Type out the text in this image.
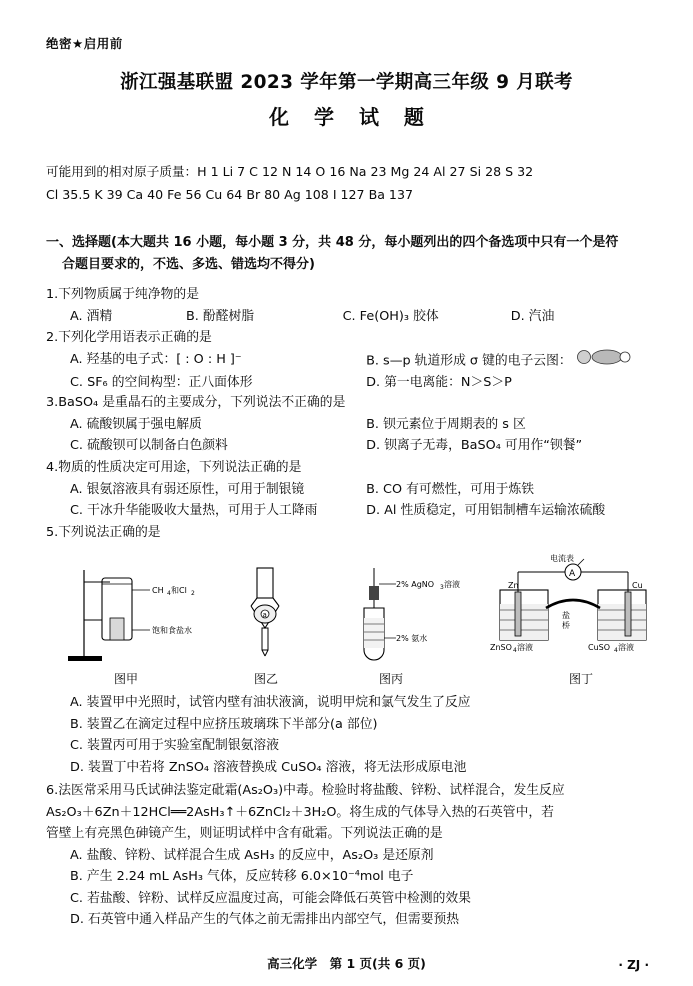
绝密★启用前
浙江强基联盟 2023 学年第一学期高三年级 9 月联考
化 学 试 题
可能用到的相对原子质量：H 1 Li 7 C 12 N 14 O 16 Na 23 Mg 24 Al 27 Si 28 S 32
Cl 35.5 K 39 Ca 40 Fe 56 Cu 64 Br 80 Ag 108 I 127 Ba 137
一、选择题(本大题共 16 小题，每小题 3 分，共 48 分，每小题列出的四个备选项中只有一个是符
合题目要求的，不选、多选、错选均不得分)
1.下列物质属于纯净物的是
A. 酒精	B. 酚醛树脂	C. Fe(OH)₃ 胶体	D. 汽油
2.下列化学用语表示正确的是
A. 羟基的电子式：[ : O : H ]⁻	B. s—p 轨道形成 σ 键的电子云图：
C. SF₆ 的空间构型：正八面体形	D. 第一电离能：N＞S＞P
3.BaSO₄ 是重晶石的主要成分，下列说法不正确的是
A. 硫酸钡属于强电解质	B. 钡元素位于周期表的 s 区
C. 硫酸钡可以制备白色颜料	D. 钡离子无毒，BaSO₄ 可用作“钡餐”
4.物质的性质决定可用途，下列说法正确的是
A. 银氨溶液具有弱还原性，可用于制银镜	B. CO 有可燃性，可用于炼铁
C. 干冰升华能吸收大量热，可用于人工降雨	D. Al 性质稳定，可用铝制槽车运输浓硫酸
5.下列说法正确的是
CH 4 和Cl 2
饱和食盐水
图甲
a
图乙
2% AgNO 3 溶液
2% 氨水
图丙
电流表
A
Zn	Cu
盐
桥
ZnSO 4 溶液	CuSO 4 溶液
图丁
A. 装置甲中光照时，试管内壁有油状液滴，说明甲烷和氯气发生了反应
B. 装置乙在滴定过程中应挤压玻璃珠下半部分(a 部位)
C. 装置丙可用于实验室配制银氨溶液
D. 装置丁中若将 ZnSO₄ 溶液替换成 CuSO₄ 溶液，将无法形成原电池
6.法医常采用马氏试砷法鉴定砒霜(As₂O₃)中毒。检验时将盐酸、锌粉、试样混合，发生反应
As₂O₃＋6Zn＋12HCl══2AsH₃↑＋6ZnCl₂＋3H₂O。将生成的气体导入热的石英管中，若
管壁上有亮黑色砷镜产生，则证明试样中含有砒霜。下列说法正确的是
A. 盐酸、锌粉、试样混合生成 AsH₃ 的反应中，As₂O₃ 是还原剂
B. 产生 2.24 mL AsH₃ 气体，反应转移 6.0×10⁻⁴mol 电子
C. 若盐酸、锌粉、试样反应温度过高，可能会降低石英管中检测的效果
D. 石英管中通入样品产生的气体之前无需排出内部空气，但需要预热
高三化学　第 1 页(共 6 页)	· ZJ ·
